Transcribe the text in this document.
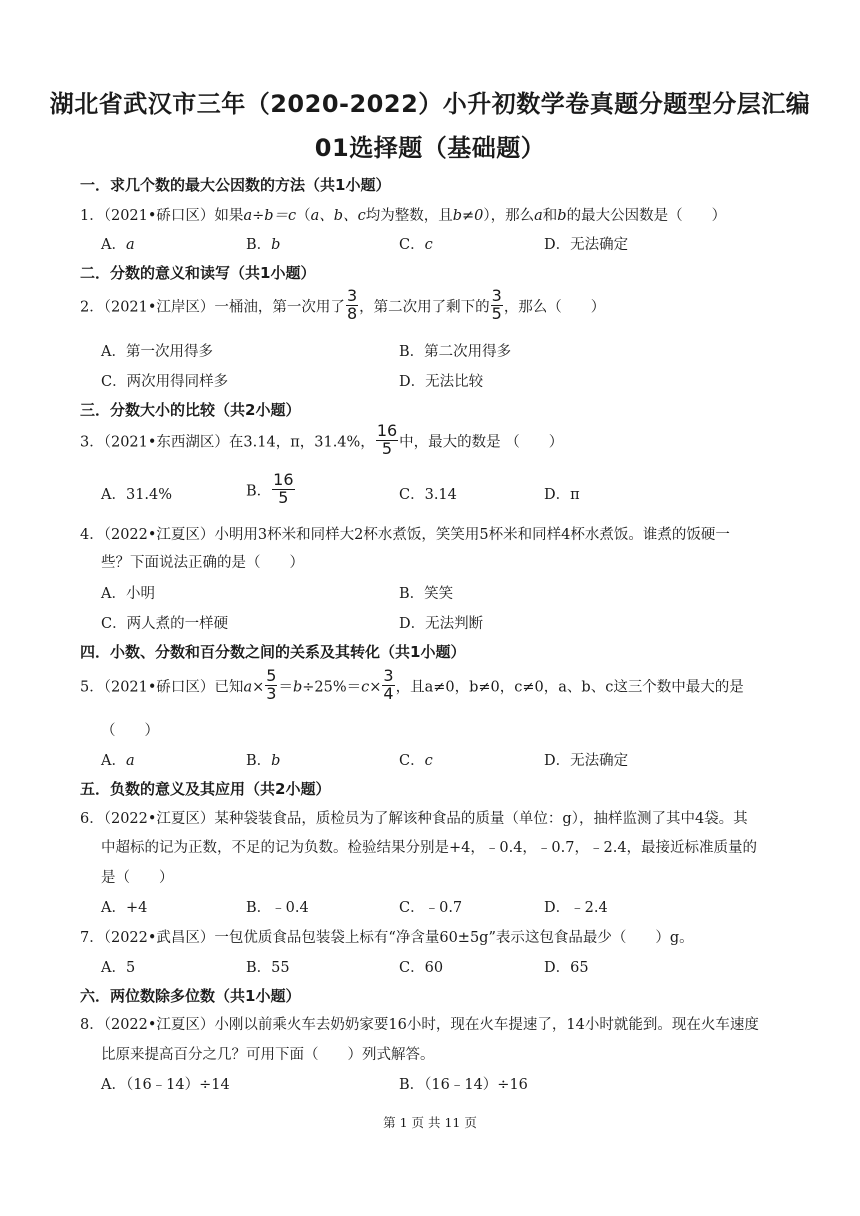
湖北省武汉市三年（2020-2022）小升初数学卷真题分题型分层汇编
01选择题（基础题）
一．求几个数的最大公因数的方法（共1小题）
1．（2021•硚口区）如果a÷b＝c（a、b、c均为整数，且b≠0），那么a和b的最大公因数是（　　）
A．a	B．b	C．c	D．无法确定
二．分数的意义和读写（共1小题）
2．（2021•江岸区）一桶油，第一次用了 $\frac{3}{8}$ ，第二次用了剩下的 $\frac{3}{5}$ ，那么（　　）
A．第一次用得多	B．第二次用得多
C．两次用得同样多	D．无法比较
三．分数大小的比较（共2小题）
3．（2021•东西湖区）在3.14，π，31.4%， $\frac{16}{5}$ 中，最大的数是 （　　）
A．31.4%	B． $\frac{16}{5}$	C．3.14	D．π
4．（2022•江夏区）小明用3杯米和同样大2杯水煮饭，笑笑用5杯米和同样4杯水煮饭。谁煮的饭硬一
些？下面说法正确的是（　　）
A．小明	B．笑笑
C．两人煮的一样硬	D．无法判断
四．小数、分数和百分数之间的关系及其转化（共1小题）
5．（2021•硚口区）已知$a\times \frac{5}{3} =b\div 25\%=c\times \frac{3}{4}$ ，且a≠0，b≠0，c≠0，a、b、c这三个数中最大的是
（　　）
A．a	B．b	C．c	D．无法确定
五．负数的意义及其应用（共2小题）
6．（2022•江夏区）某种袋装食品，质检员为了解该种食品的质量（单位：g），抽样监测了其中4袋。其
中超标的记为正数，不足的记为负数。检验结果分别是+4，﹣0.4，﹣0.7，﹣2.4，最接近标准质量的
是（　　）
A．+4	B．﹣0.4	C．﹣0.7	D．﹣2.4
7．（2022•武昌区）一包优质食品包装袋上标有“净含量60±5g”表示这包食品最少（　　）g。
A．5	B．55	C．60	D．65
六．两位数除多位数（共1小题）
8．（2022•江夏区）小刚以前乘火车去奶奶家要16小时，现在火车提速了，14小时就能到。现在火车速度
比原来提高百分之几？可用下面（　　）列式解答。
A．（16﹣14）÷14	B．（16﹣14）÷16
第 1 页 共 11 页
